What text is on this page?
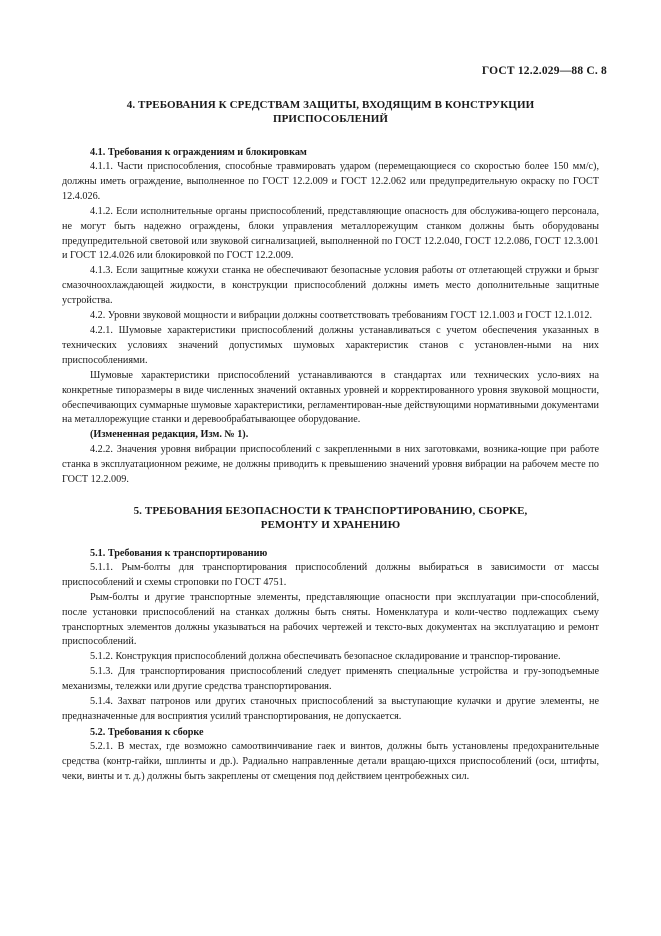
ГОСТ 12.2.029—88 С. 8
4. ТРЕБОВАНИЯ К СРЕДСТВАМ ЗАЩИТЫ, ВХОДЯЩИМ В КОНСТРУКЦИИ
ПРИСПОСОБЛЕНИЙ

4.1. Требования к ограждениям и блокировкам

4.1.1. Части приспособления, способные травмировать ударом (перемещающиеся со скоростью более 150 мм/с), должны иметь ограждение, выполненное по ГОСТ 12.2.009 и ГОСТ 12.2.062 или предупредительную окраску по ГОСТ 12.4.026.

4.1.2. Если исполнительные органы приспособлений, представляющие опасность для обслужива-ющего персонала, не могут быть надежно ограждены, блоки управления металлорежущим станком должны быть оборудованы предупредительной световой или звуковой сигнализацией, выполненной по ГОСТ 12.2.040, ГОСТ 12.2.086, ГОСТ 12.3.001 и ГОСТ 12.4.026 или блокировкой по ГОСТ 12.2.009.

4.1.3. Если защитные кожухи станка не обеспечивают безопасные условия работы от отлетающей стружки и брызг смазочноохлаждающей жидкости, в конструкции приспособлений должны иметь место дополнительные защитные устройства.

4.2. Уровни звуковой мощности и вибрации должны соответствовать требованиям ГОСТ 12.1.003 и ГОСТ 12.1.012.

4.2.1. Шумовые характеристики приспособлений должны устанавливаться с учетом обеспечения указанных в технических условиях значений допустимых шумовых характеристик станов с установлен-ными на них приспособлениями.

Шумовые характеристики приспособлений устанавливаются в стандартах или технических усло-виях на конкретные типоразмеры в виде численных значений октавных уровней и корректированного уровня звуковой мощности, обеспечивающих суммарные шумовые характеристики, регламентирован-ные действующими нормативными документами на металлорежущие станки и деревообрабатывающее оборудование.

(Измененная редакция, Изм. № 1).

4.2.2. Значения уровня вибрации приспособлений с закрепленными в них заготовками, возника-ющие при работе станка в эксплуатационном режиме, не должны приводить к превышению значений уровня вибрации на рабочем месте по ГОСТ 12.2.009.

5. ТРЕБОВАНИЯ БЕЗОПАСНОСТИ К ТРАНСПОРТИРОВАНИЮ, СБОРКЕ,
РЕМОНТУ И ХРАНЕНИЮ

5.1. Требования к транспортированию

5.1.1. Рым-болты для транспортирования приспособлений должны выбираться в зависимости от массы приспособлений и схемы строповки по ГОСТ 4751.

Рым-болты и другие транспортные элементы, представляющие опасности при эксплуатации при-способлений, после установки приспособлений на станках должны быть сняты. Номенклатура и коли-чество подлежащих съему транспортных элементов должны указываться на рабочих чертежей и тексто-вых документах на эксплуатацию и ремонт приспособлений.

5.1.2. Конструкция приспособлений должна обеспечивать безопасное складирование и транспор-тирование.

5.1.3. Для транспортирования приспособлений следует применять специальные устройства и гру-зоподъемные механизмы, тележки или другие средства транспортирования.

5.1.4. Захват патронов или других станочных приспособлений за выступающие кулачки и другие элементы, не предназначенные для восприятия усилий транспортирования, не допускается.

5.2. Требования к сборке

5.2.1. В местах, где возможно самоотвинчивание гаек и винтов, должны быть установлены предохранительные средства (контр-гайки, шплинты и др.). Радиально направленные детали вращаю-щихся приспособлений (оси, штифты, чеки, винты и т. д.) должны быть закреплены от смещения под действием центробежных сил.
